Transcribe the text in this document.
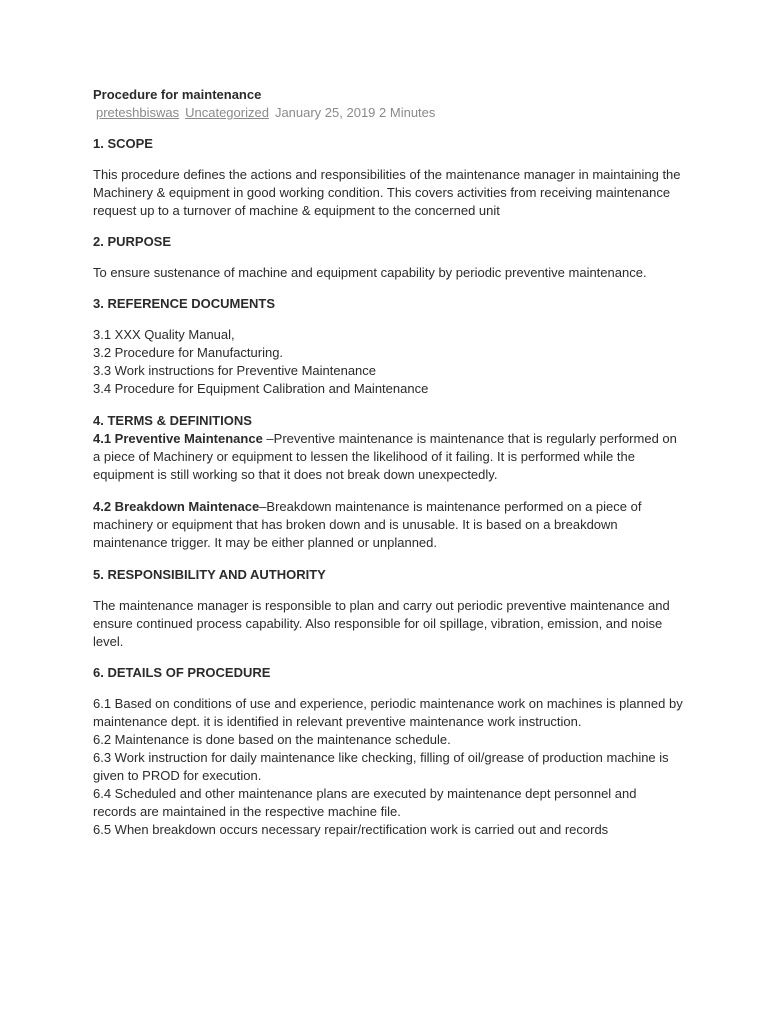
Procedure for maintenance

preteshbiswas Uncategorized January 25, 2019 2 Minutes

1. SCOPE

This procedure defines the actions and responsibilities of the maintenance manager in maintaining the Machinery & equipment in good working condition. This covers activities from receiving maintenance request up to a turnover of machine & equipment to the concerned unit

2. PURPOSE

To ensure sustenance of machine and equipment capability by periodic preventive maintenance.

3. REFERENCE DOCUMENTS

3.1 XXX Quality Manual,

3.2 Procedure for Manufacturing.

3.3 Work instructions for Preventive Maintenance

3.4 Procedure for Equipment Calibration and Maintenance

4. TERMS & DEFINITIONS

4.1 Preventive Maintenance –Preventive maintenance is maintenance that is regularly performed on a piece of Machinery or equipment to lessen the likelihood of it failing. It is performed while the equipment is still working so that it does not break down unexpectedly.

4.2 Breakdown Maintenace–Breakdown maintenance is maintenance performed on a piece of machinery or equipment that has broken down and is unusable. It is based on a breakdown maintenance trigger. It may be either planned or unplanned.

5. RESPONSIBILITY AND AUTHORITY

The maintenance manager is responsible to plan and carry out periodic preventive maintenance and ensure continued process capability. Also responsible for oil spillage, vibration, emission, and noise level.

6. DETAILS OF PROCEDURE

6.1 Based on conditions of use and experience, periodic maintenance work on machines is planned by maintenance dept. it is identified in relevant preventive maintenance work instruction.

6.2 Maintenance is done based on the maintenance schedule.

6.3 Work instruction for daily maintenance like checking, filling of oil/grease of production machine is given to PROD for execution.

6.4 Scheduled and other maintenance plans are executed by maintenance dept personnel and records are maintained in the respective machine file.

6.5 When breakdown occurs necessary repair/rectification work is carried out and records
